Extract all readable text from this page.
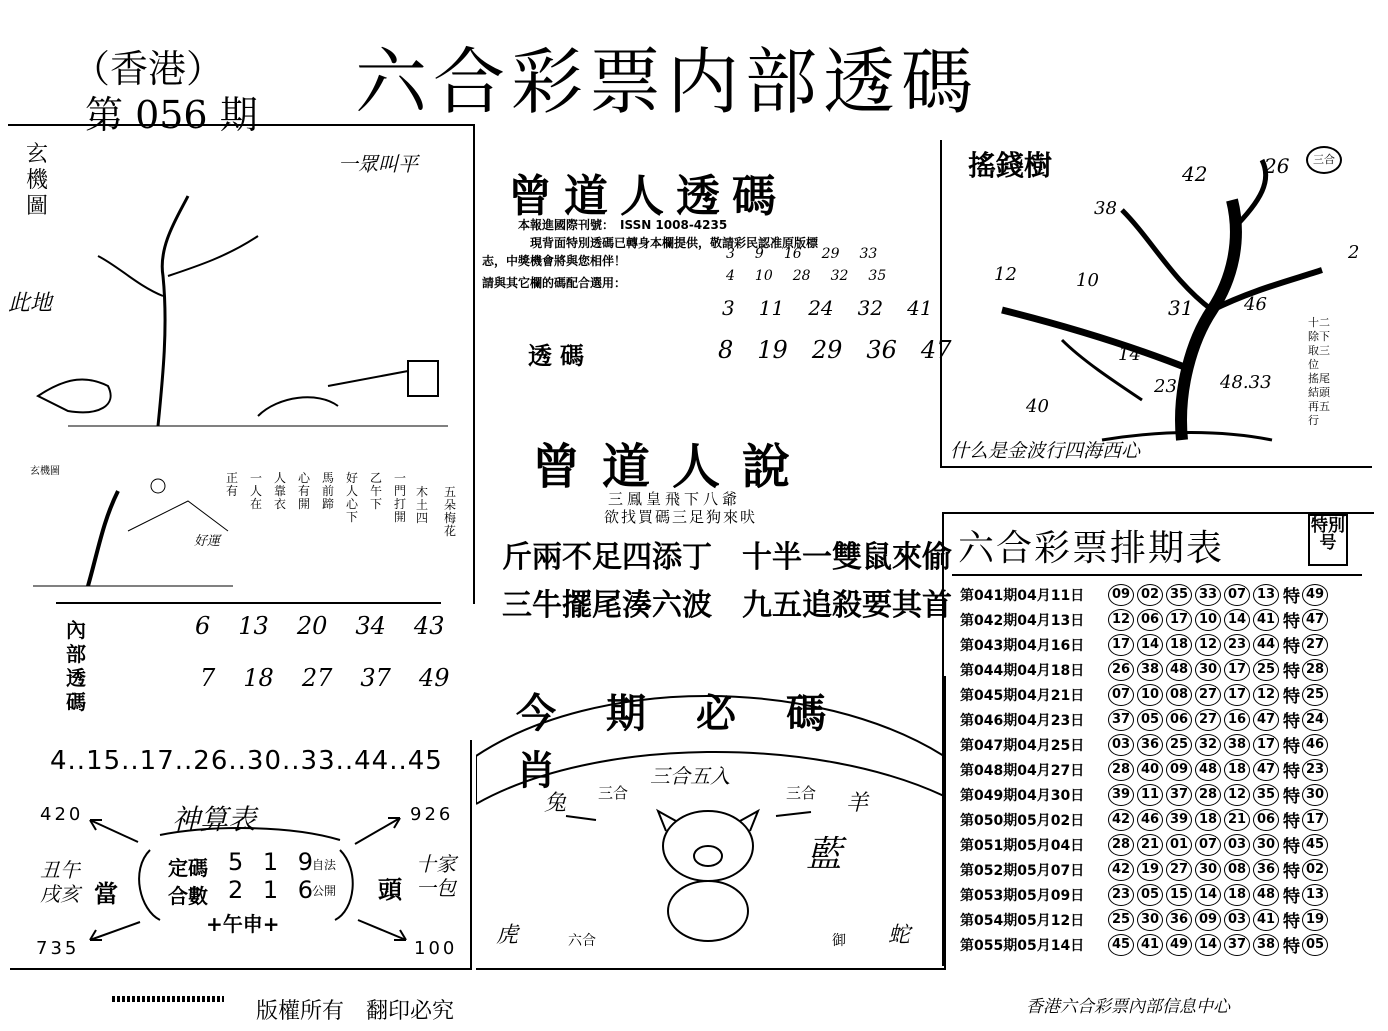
（香港）
第 056 期 六合彩票内部透碼
玄機圖
一眾叫平
此地
玄機圖
好運
五朵梅花
木土四
一門打開
乙午下
好人心下
馬前蹄
心有開
人靠衣
一人在
正有
內部透碼
6 13 20 34 43
7 18 27 37 49
4..15..17..26..30..33..44..45
420	926
735	100
神算表
丑午
戌亥 當	頭
十家
一包
定碼 5 1 9
合數 2 1 6
自法
公開
+午申+
曾道人透碼
本報進國際刊號：　ISSN 1008-4235
現背面特別透碼已轉身本欄提供，敬請彩民認准原版標
志，中獎機會將與您相伴！
請與其它欄的碼配合選用：
3 9 16 29 33
4 10 28 32 35
3 11 24 32 41
透碼	8 19 29 36 47
曾道人說
三鳳皇飛下八爺
欲找買碼三足狗來吠
斤兩不足四添丁　十半一雙鼠來偷
三牛擺尾湊六波　九五追殺要其首
今期必碼肖
兔 三合
三合五入
三合 羊
藍
虎	六合	御 蛇
搖錢樹	三合
42	26
38
2
12	10
31	46
14
23 48.33
40
十二除下取三位
搖尾結頭再五行
什么是金波行四海西心
六合彩票排期表
特別号
第041期04月11日	09 02 35 33 07 13 特 49
第042期04月13日	12 06 17 10 14 41 特 47
第043期04月16日	17 14 18 12 23 44 特 27
第044期04月18日	26 38 48 30 17 25 特 28
第045期04月21日	07 10 08 27 17 12 特 25
第046期04月23日	37 05 06 27 16 47 特 24
第047期04月25日	03 36 25 32 38 17 特 46
第048期04月27日	28 40 09 48 18 47 特 23
第049期04月30日	39 11 37 28 12 35 特 30
第050期05月02日	42 46 39 18 21 06 特 17
第051期05月04日	28 21 01 07 03 30 特 45
第052期05月07日	42 19 27 30 08 36 特 02
第053期05月09日	23 05 15 14 18 48 特 13
第054期05月12日	25 30 36 09 03 41 特 19
第055期05月14日	45 41 49 14 37 38 特 05
版權所有　翻印必究	香港六合彩票內部信息中心
